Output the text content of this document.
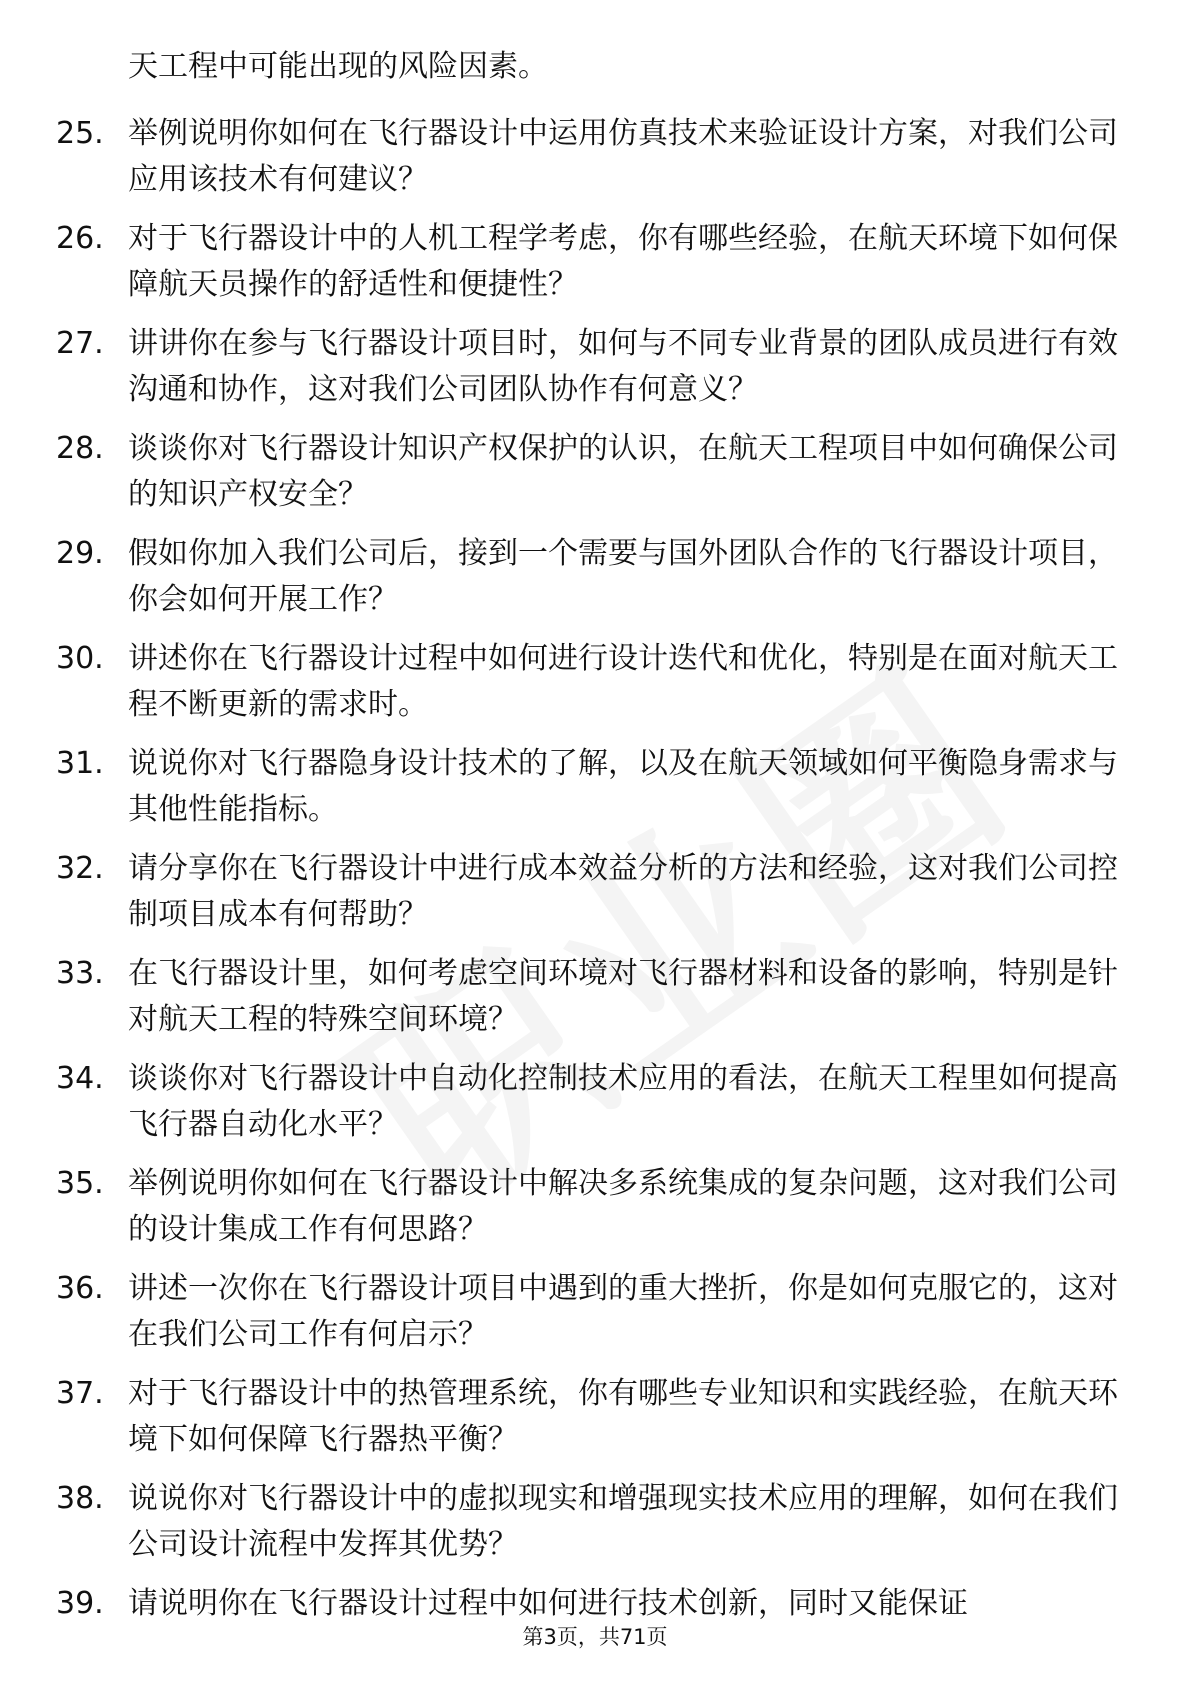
天工程中可能出现的风险因素。
25. 举例说明你如何在飞行器设计中运用仿真技术来验证设计方案，对我们公司应用该技术有何建议？
26. 对于飞行器设计中的人机工程学考虑，你有哪些经验，在航天环境下如何保障航天员操作的舒适性和便捷性？
27. 讲讲你在参与飞行器设计项目时，如何与不同专业背景的团队成员进行有效沟通和协作，这对我们公司团队协作有何意义？
28. 谈谈你对飞行器设计知识产权保护的认识，在航天工程项目中如何确保公司的知识产权安全？
29. 假如你加入我们公司后，接到一个需要与国外团队合作的飞行器设计项目，你会如何开展工作？
30. 讲述你在飞行器设计过程中如何进行设计迭代和优化，特别是在面对航天工程不断更新的需求时。
31. 说说你对飞行器隐身设计技术的了解，以及在航天领域如何平衡隐身需求与其他性能指标。
32. 请分享你在飞行器设计中进行成本效益分析的方法和经验，这对我们公司控制项目成本有何帮助？
33. 在飞行器设计里，如何考虑空间环境对飞行器材料和设备的影响，特别是针对航天工程的特殊空间环境？
34. 谈谈你对飞行器设计中自动化控制技术应用的看法，在航天工程里如何提高飞行器自动化水平？
35. 举例说明你如何在飞行器设计中解决多系统集成的复杂问题，这对我们公司的设计集成工作有何思路？
36. 讲述一次你在飞行器设计项目中遇到的重大挫折，你是如何克服它的，这对在我们公司工作有何启示？
37. 对于飞行器设计中的热管理系统，你有哪些专业知识和实践经验，在航天环境下如何保障飞行器热平衡？
38. 说说你对飞行器设计中的虚拟现实和增强现实技术应用的理解，如何在我们公司设计流程中发挥其优势？
39. 请说明你在飞行器设计过程中如何进行技术创新，同时又能保证
第3页，共71页
